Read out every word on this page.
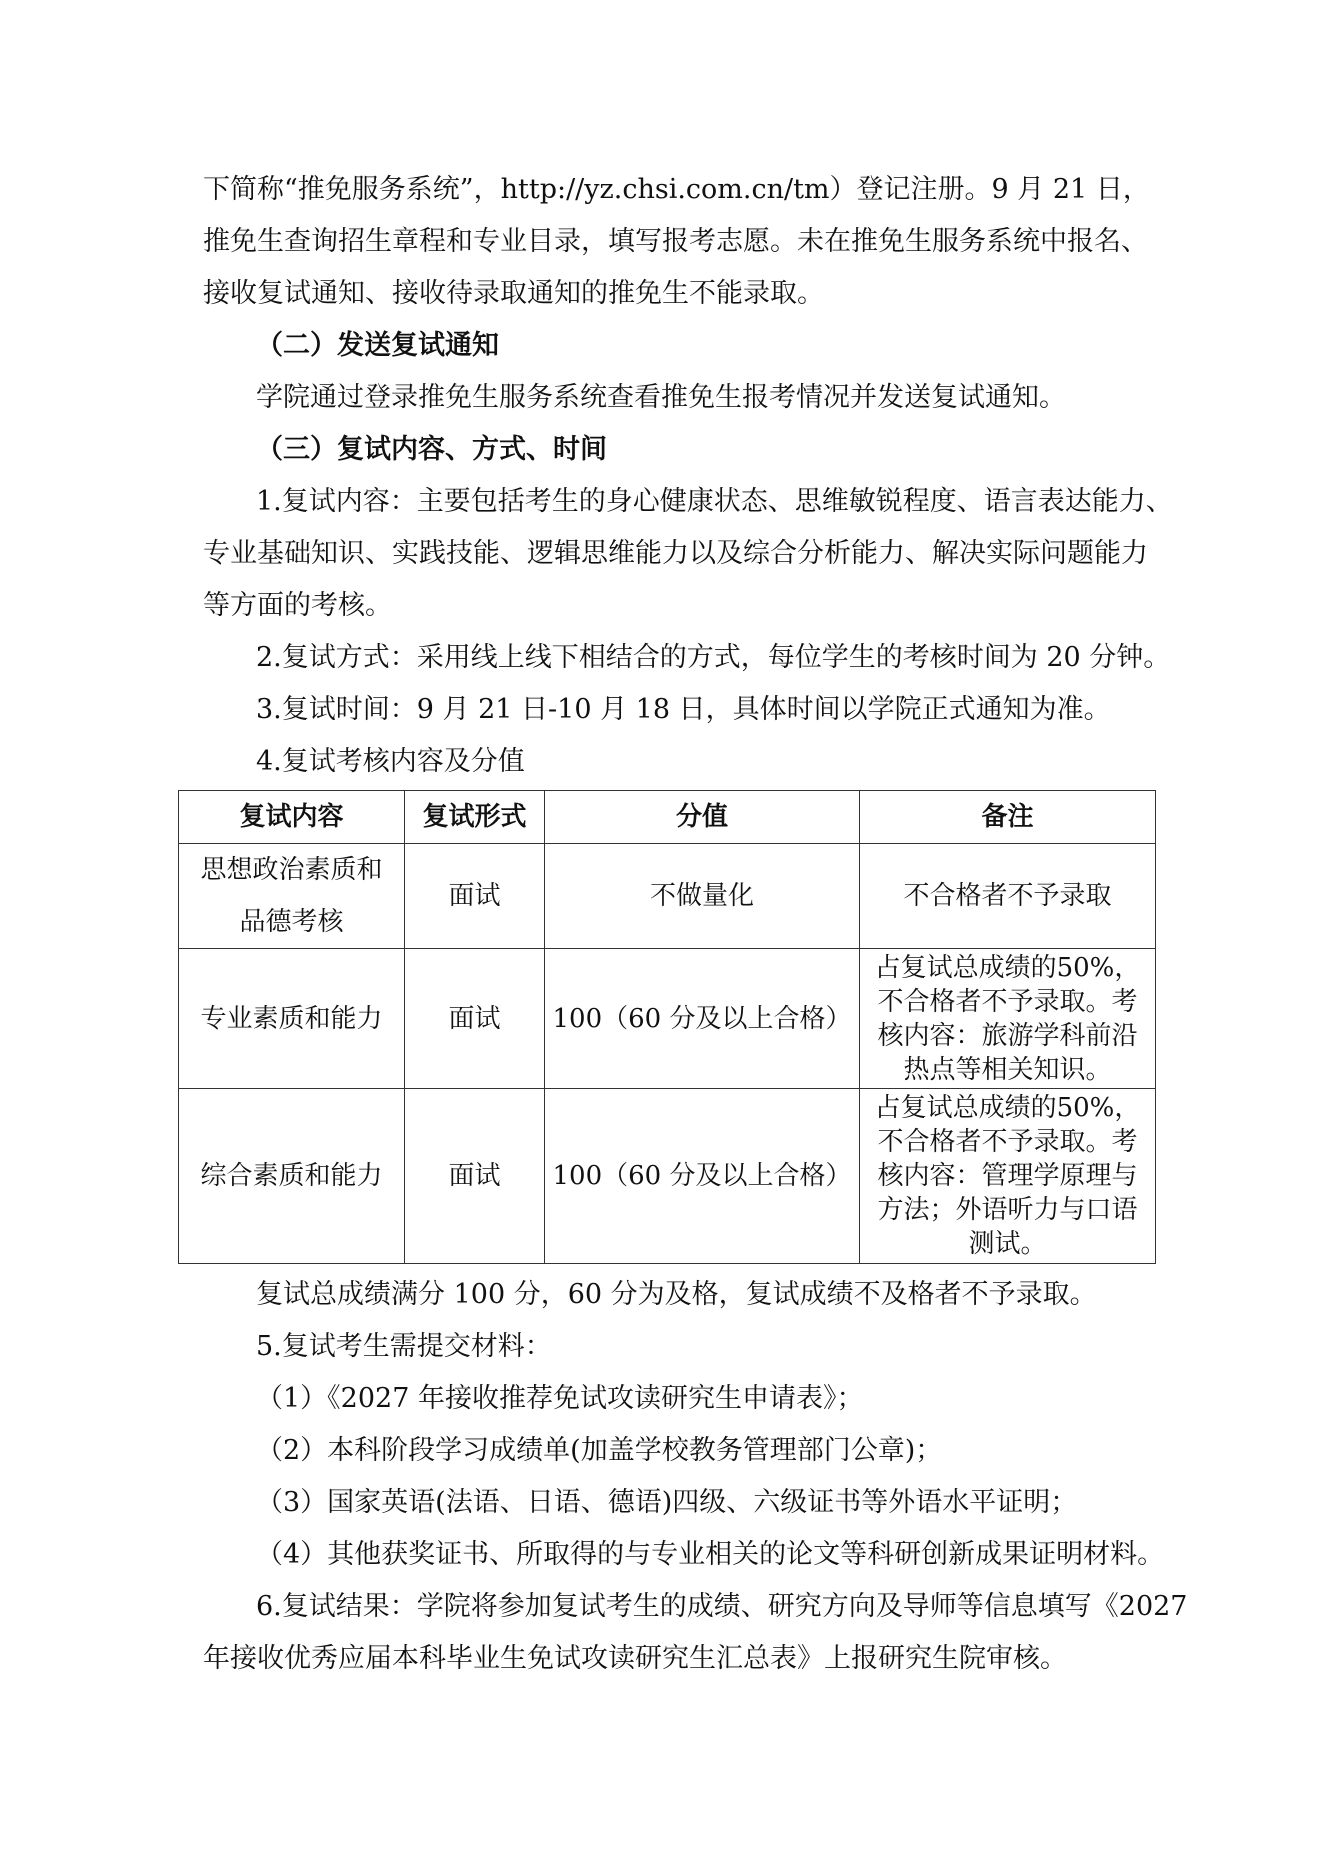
下简称“推免服务系统”，http://yz.chsi.com.cn/tm）登记注册。9 月 21 日，
推免生查询招生章程和专业目录，填写报考志愿。未在推免生服务系统中报名、
接收复试通知、接收待录取通知的推免生不能录取。
（二）发送复试通知
学院通过登录推免生服务系统查看推免生报考情况并发送复试通知。
（三）复试内容、方式、时间
1.复试内容：主要包括考生的身心健康状态、思维敏锐程度、语言表达能力、
专业基础知识、实践技能、逻辑思维能力以及综合分析能力、解决实际问题能力
等方面的考核。
2.复试方式：采用线上线下相结合的方式，每位学生的考核时间为 20 分钟。
3.复试时间：9 月 21 日-10 月 18 日，具体时间以学院正式通知为准。
4.复试考核内容及分值
复试内容	复试形式	分值	备注
思想政治素质和品德考核	面试	不做量化	不合格者不予录取
专业素质和能力	面试	100（60 分及以上合格）	占复试总成绩的50%，不合格者不予录取。考核内容：旅游学科前沿热点等相关知识。
综合素质和能力	面试	100（60 分及以上合格）	占复试总成绩的50%，不合格者不予录取。考核内容：管理学原理与方法；外语听力与口语测试。
复试总成绩满分 100 分，60 分为及格，复试成绩不及格者不予录取。
5.复试考生需提交材料：
（1）《2027 年接收推荐免试攻读研究生申请表》；
（2）本科阶段学习成绩单(加盖学校教务管理部门公章)；
（3）国家英语(法语、日语、德语)四级、六级证书等外语水平证明；
（4）其他获奖证书、所取得的与专业相关的论文等科研创新成果证明材料。
6.复试结果：学院将参加复试考生的成绩、研究方向及导师等信息填写《2027
年接收优秀应届本科毕业生免试攻读研究生汇总表》上报研究生院审核。
